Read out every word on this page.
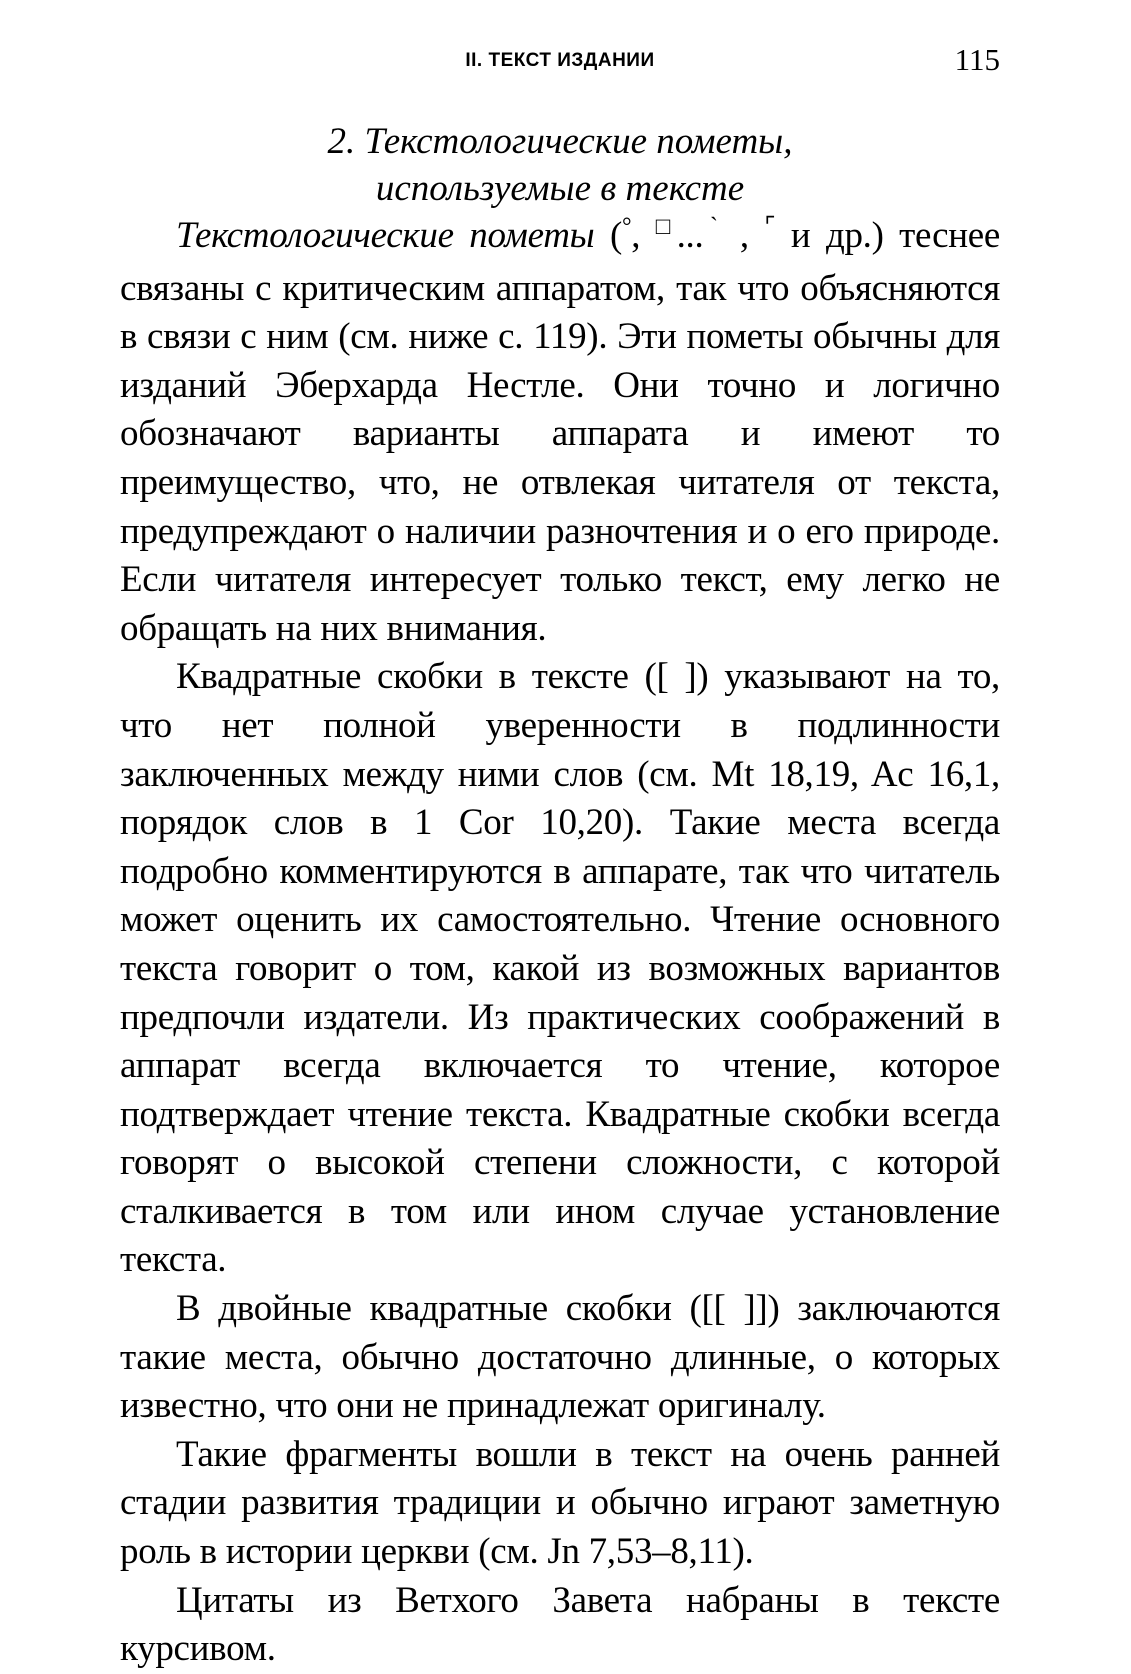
II. ТЕКСТ ИЗДАНИИ	115
2. Текстологические пометы,
используемые в тексте

Текстологические пометы (°, □...$^ˋ$ , ⌜ и др.) теснее связаны с критическим аппаратом, так что объясняются в связи с ним (см. ниже с. 119). Эти пометы обычны для изданий Эберхарда Нестле. Они точно и логично обозначают варианты аппарата и имеют то преимущество, что, не отвлекая читателя от текста, предупреждают о наличии разночтения и о его природе. Если читателя интересует только текст, ему легко не обращать на них внимания.

Квадратные скобки в тексте ([ ]) указывают на то, что нет полной уверенности в подлинности заключенных между ними слов (см. Mt 18,19, Ac 16,1, порядок слов в 1 Cor 10,20). Такие места всегда подробно комментируются в аппарате, так что читатель может оценить их самостоятельно. Чтение основного текста говорит о том, какой из возможных вариантов предпочли издатели. Из практических соображений в аппарат всегда включается то чтение, которое подтверждает чтение текста. Квадратные скобки всегда говорят о высокой степени сложности, с которой сталкивается в том или ином случае установление текста.

В двойные квадратные скобки ([[ ]]) заключаются такие места, обычно достаточно длинные, о которых известно, что они не принадлежат оригиналу.

Такие фрагменты вошли в текст на очень ранней стадии развития традиции и обычно играют заметную роль в истории церкви (см. Jn 7,53–8,11).

Цитаты из Ветхого Завета набраны в тексте курсивом.
